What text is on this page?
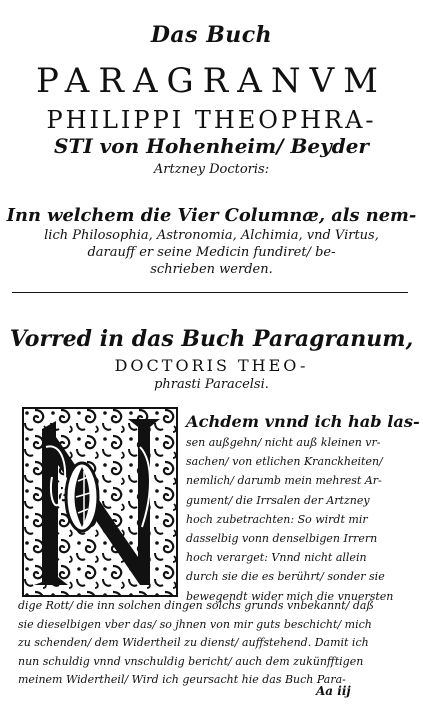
Das Buch
PARAGRANVM
PHILIPPI THEOPHRA-
STI von Hohenheim/ Beyder
Artzney Doctoris:
Inn welchem die Vier Columnæ, als nem-
lich Philosophia, Astronomia, Alchimia, vnd Virtus,
darauff er seine Medicin fundiret/ be-
schrieben werden.
Vorred in das Buch Paragranum,
DOCTORIS THEO-
phrasti Paracelsi.
Achdem vnnd ich hab las-
sen außgehn/ nicht auß kleinen vr-
sachen/ von etlichen Kranckheiten/
nemlich/ darumb mein mehrest Ar-
gument/ die Irrsalen der Artzney
hoch zubetrachten: So wirdt mir
dasselbig vonn denselbigen Irrern
hoch verarget: Vnnd nicht allein
durch sie die es berührt/ sonder sie
bewegendt wider mich die vnuersten
dige Rott/ die inn solchen dingen solchs grunds vnbekannt/ daß
sie dieselbigen vber das/ so jhnen von mir guts beschicht/ mich
zu schenden/ dem Widertheil zu dienst/ auffstehend. Damit ich
nun schuldig vnnd vnschuldig bericht/ auch dem zukünfftigen
meinem Widertheil/ Wird ich geursacht hie das Buch Para-
Aa iij
